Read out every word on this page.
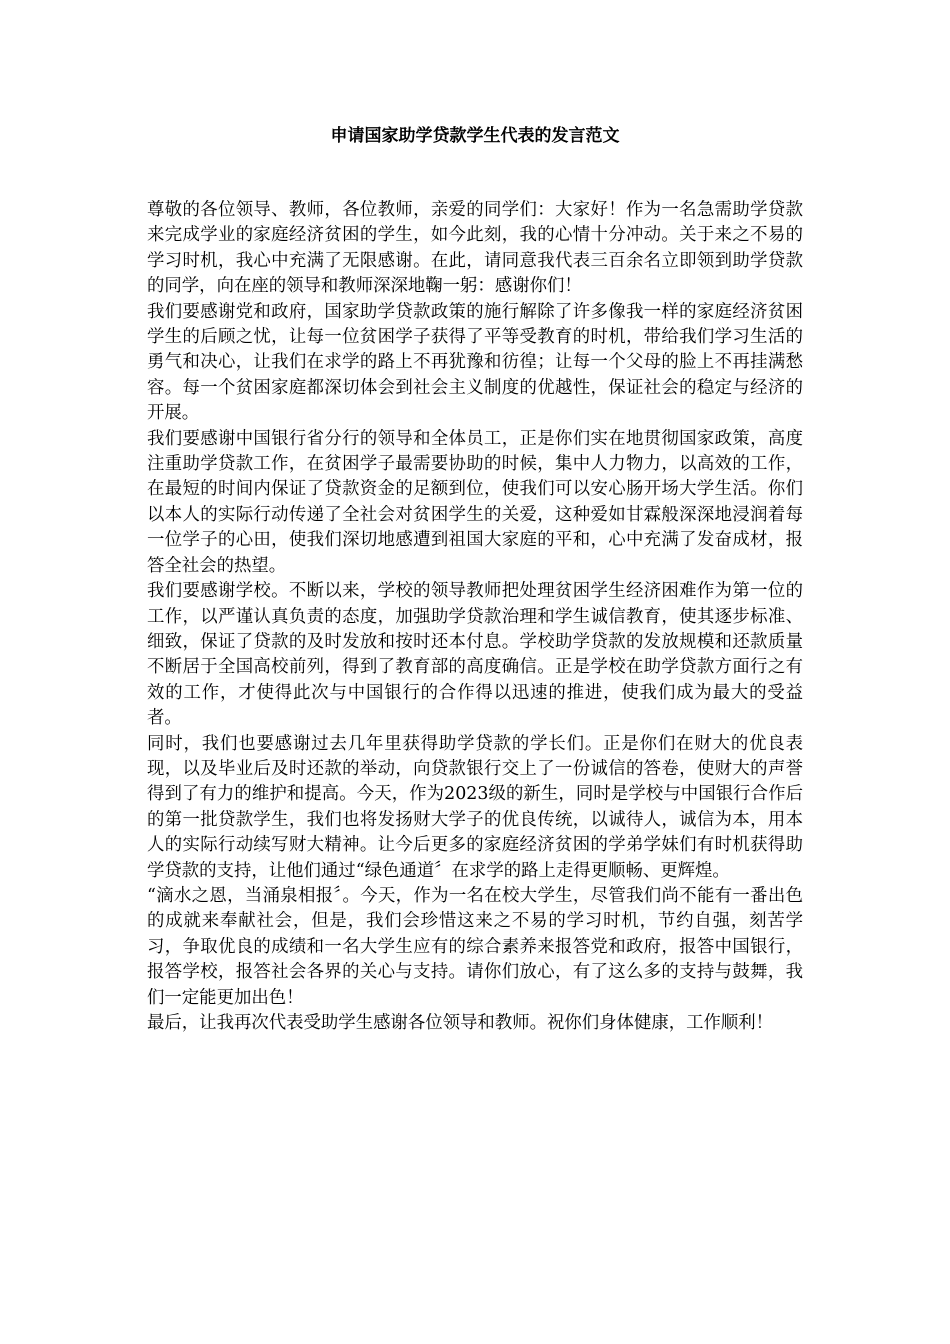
申请国家助学贷款学生代表的发言范文

尊敬的各位领导、教师，各位教师，亲爱的同学们：大家好！作为一名急需助学贷款来完成学业的家庭经济贫困的学生，如今此刻，我的心情十分冲动。关于来之不易的学习时机，我心中充满了无限感谢。在此，请同意我代表三百余名立即领到助学贷款的同学，向在座的领导和教师深深地鞠一躬：感谢你们！

我们要感谢党和政府，国家助学贷款政策的施行解除了许多像我一样的家庭经济贫困学生的后顾之忧，让每一位贫困学子获得了平等受教育的时机，带给我们学习生活的勇气和决心，让我们在求学的路上不再犹豫和彷徨；让每一个父母的脸上不再挂满愁容。每一个贫困家庭都深切体会到社会主义制度的优越性，保证社会的稳定与经济的开展。

我们要感谢中国银行省分行的领导和全体员工，正是你们实在地贯彻国家政策，高度注重助学贷款工作，在贫困学子最需要协助的时候，集中人力物力，以高效的工作，在最短的时间内保证了贷款资金的足额到位，使我们可以安心肠开场大学生活。你们以本人的实际行动传递了全社会对贫困学生的关爱，这种爱如甘霖般深深地浸润着每一位学子的心田，使我们深切地感遭到祖国大家庭的平和，心中充满了发奋成材，报答全社会的热望。

我们要感谢学校。不断以来，学校的领导教师把处理贫困学生经济困难作为第一位的工作，以严谨认真负责的态度，加强助学贷款治理和学生诚信教育，使其逐步标准、细致，保证了贷款的及时发放和按时还本付息。学校助学贷款的发放规模和还款质量不断居于全国高校前列，得到了教育部的高度确信。正是学校在助学贷款方面行之有效的工作，才使得此次与中国银行的合作得以迅速的推进，使我们成为最大的受益者。

同时，我们也要感谢过去几年里获得助学贷款的学长们。正是你们在财大的优良表现，以及毕业后及时还款的举动，向贷款银行交上了一份诚信的答卷，使财大的声誉得到了有力的维护和提高。今天，作为2023级的新生，同时是学校与中国银行合作后的第一批贷款学生，我们也将发扬财大学子的优良传统，以诚待人，诚信为本，用本人的实际行动续写财大精神。让今后更多的家庭经济贫困的学弟学妹们有时机获得助学贷款的支持，让他们通过“绿色通道〞在求学的路上走得更顺畅、更辉煌。

“滴水之恩，当涌泉相报〞。今天，作为一名在校大学生，尽管我们尚不能有一番出色的成就来奉献社会，但是，我们会珍惜这来之不易的学习时机，节约自强，刻苦学习，争取优良的成绩和一名大学生应有的综合素养来报答党和政府，报答中国银行，报答学校，报答社会各界的关心与支持。请你们放心，有了这么多的支持与鼓舞，我们一定能更加出色！

最后，让我再次代表受助学生感谢各位领导和教师。祝你们身体健康，工作顺利！
